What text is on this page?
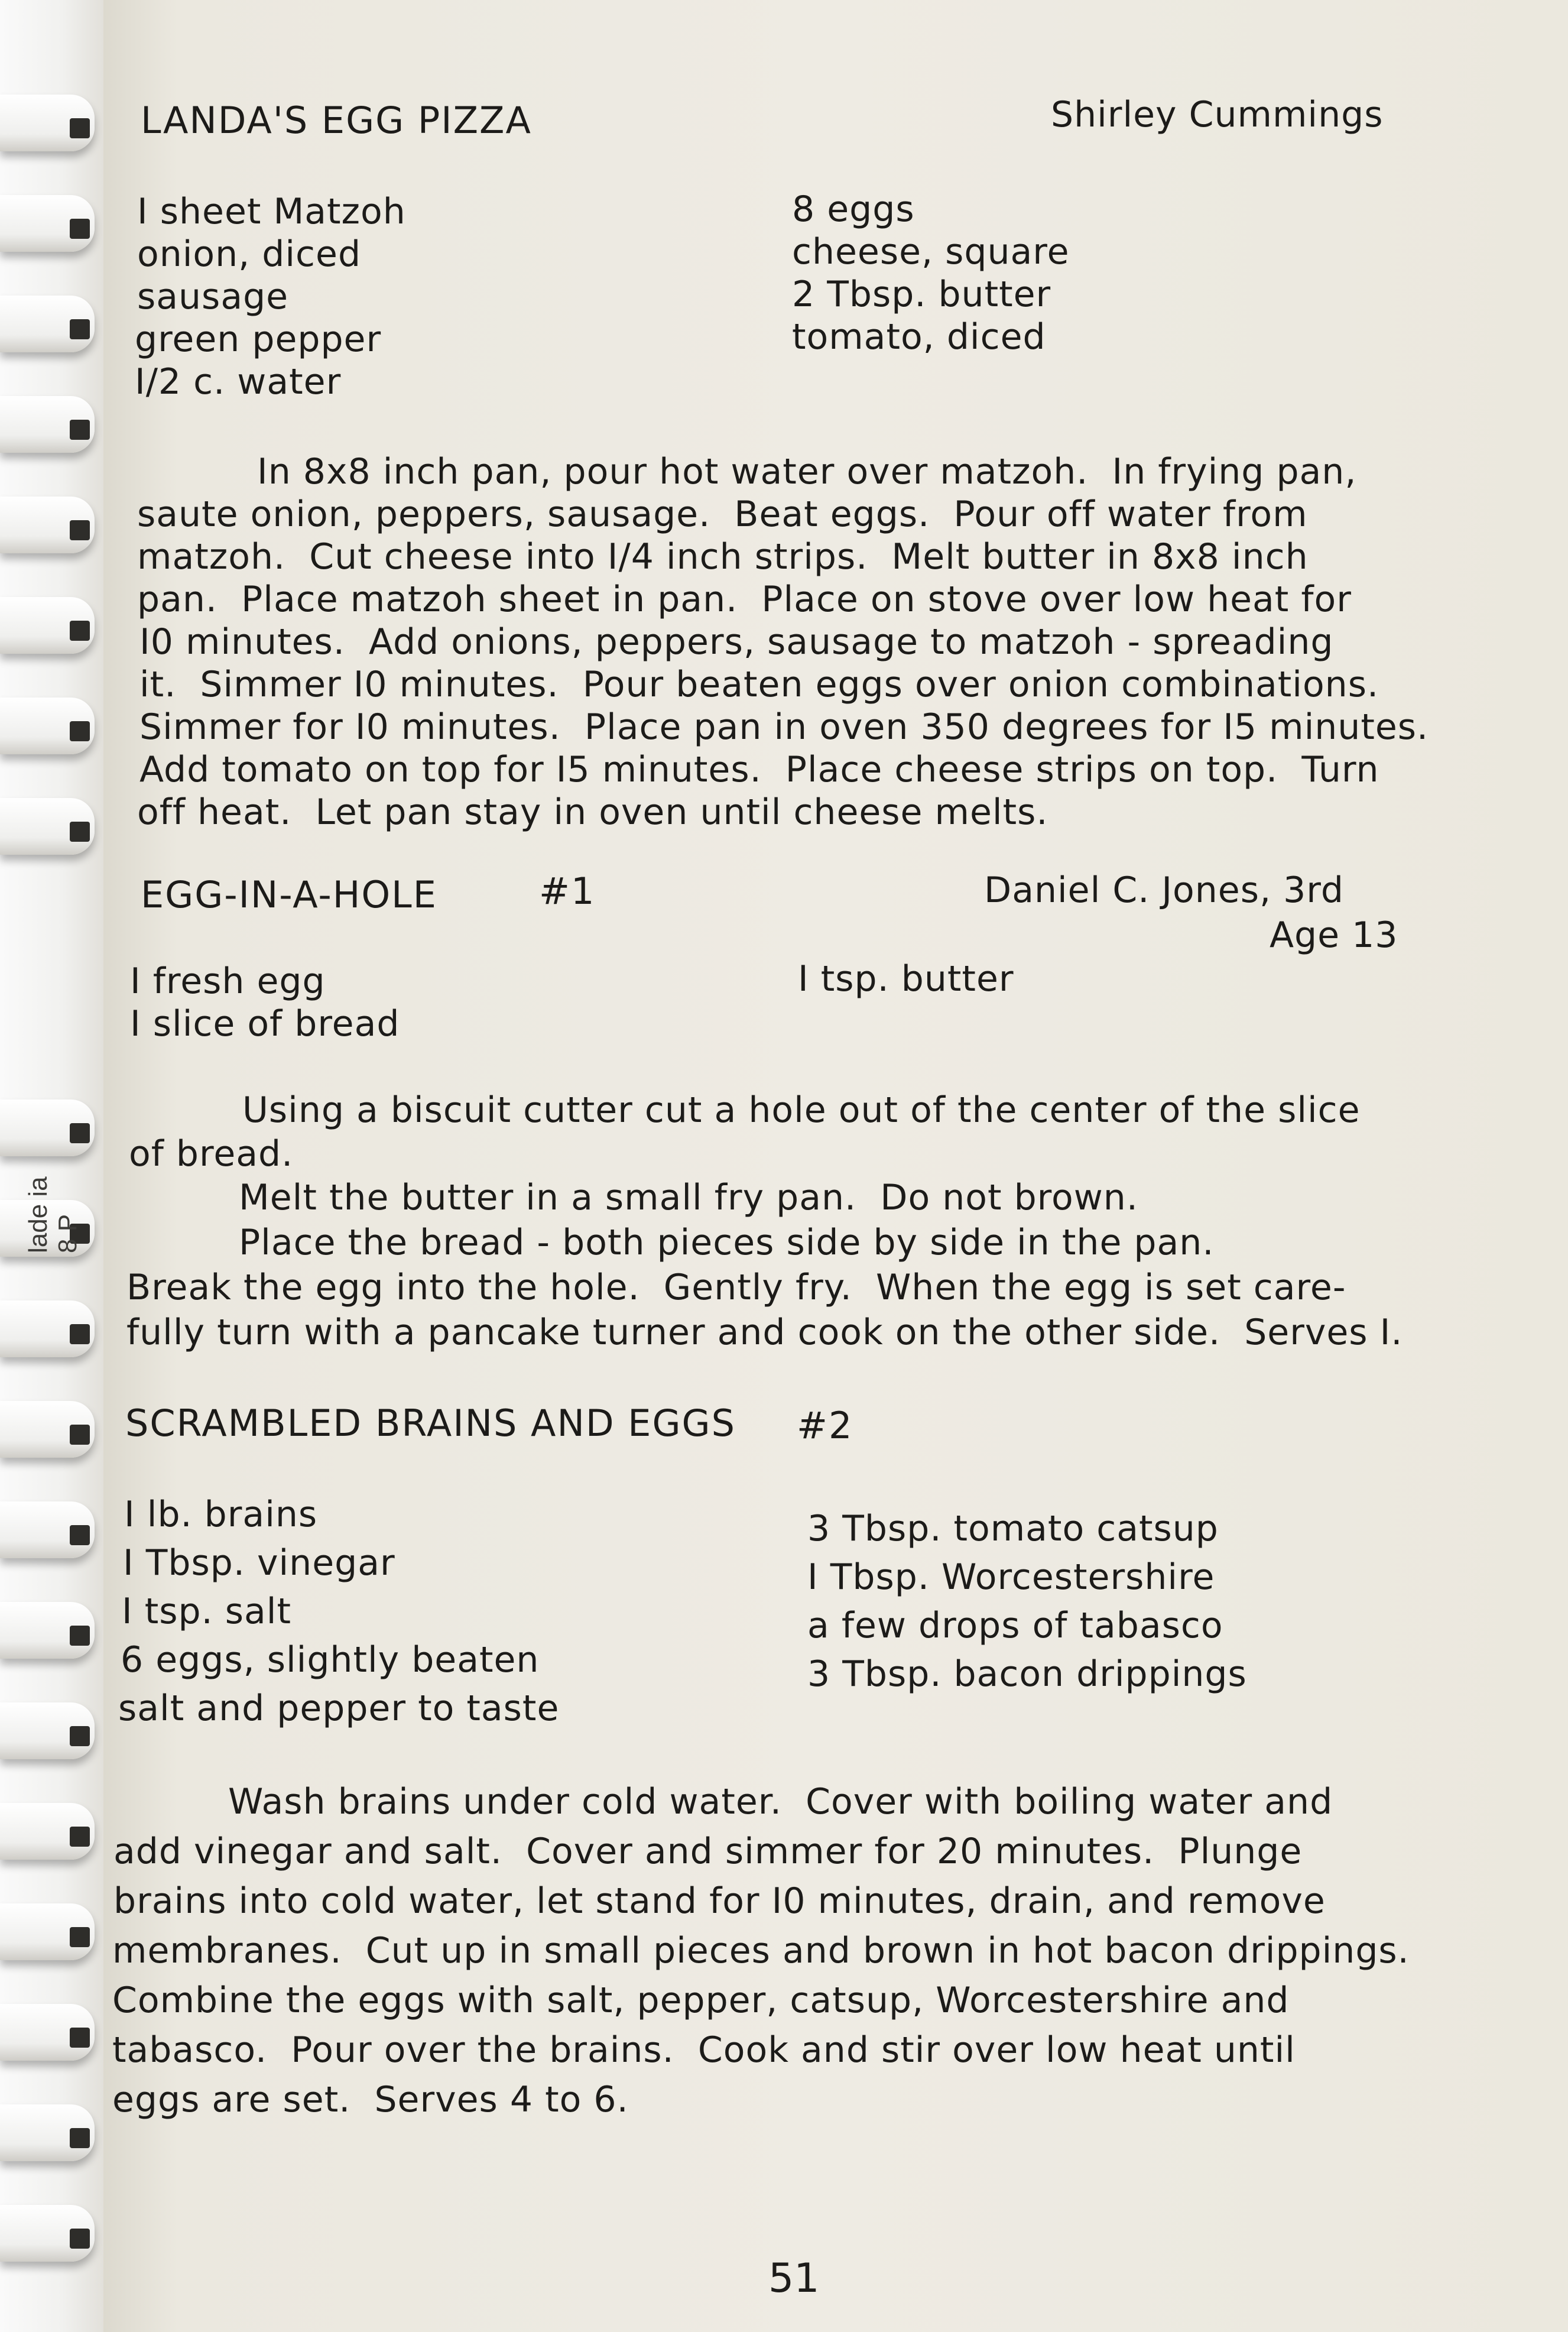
lade ia 8 P
LANDA'S EGG PIZZA	Shirley Cummings
I sheet Matzoh
onion, diced
sausage
green pepper
I/2 c. water
8 eggs
cheese, square
2 Tbsp. butter
tomato, diced
In 8x8 inch pan, pour hot water over matzoh.  In frying pan,
saute onion, peppers, sausage.  Beat eggs.  Pour off water from
matzoh.  Cut cheese into I/4 inch strips.  Melt butter in 8x8 inch
pan.  Place matzoh sheet in pan.  Place on stove over low heat for
I0 minutes.  Add onions, peppers, sausage to matzoh - spreading
it.  Simmer I0 minutes.  Pour beaten eggs over onion combinations.
Simmer for I0 minutes.  Place pan in oven 350 degrees for I5 minutes.
Add tomato on top for I5 minutes.  Place cheese strips on top.  Turn
off heat.  Let pan stay in oven until cheese melts.
EGG-IN-A-HOLE	#1	Daniel C. Jones, 3rd
Age 13
I fresh egg
I slice of bread
I tsp. butter
Using a biscuit cutter cut a hole out of the center of the slice
of bread.
Melt the butter in a small fry pan.  Do not brown.
Place the bread - both pieces side by side in the pan.
Break the egg into the hole.  Gently fry.  When the egg is set care-
fully turn with a pancake turner and cook on the other side.  Serves I.
SCRAMBLED BRAINS AND EGGS #2
I lb. brains
I Tbsp. vinegar
I tsp. salt
6 eggs, slightly beaten
salt and pepper to taste
3 Tbsp. tomato catsup
I Tbsp. Worcestershire
a few drops of tabasco
3 Tbsp. bacon drippings
Wash brains under cold water.  Cover with boiling water and
add vinegar and salt.  Cover and simmer for 20 minutes.  Plunge
brains into cold water, let stand for I0 minutes, drain, and remove
membranes.  Cut up in small pieces and brown in hot bacon drippings.
Combine the eggs with salt, pepper, catsup, Worcestershire and
tabasco.  Pour over the brains.  Cook and stir over low heat until
eggs are set.  Serves 4 to 6.
51
